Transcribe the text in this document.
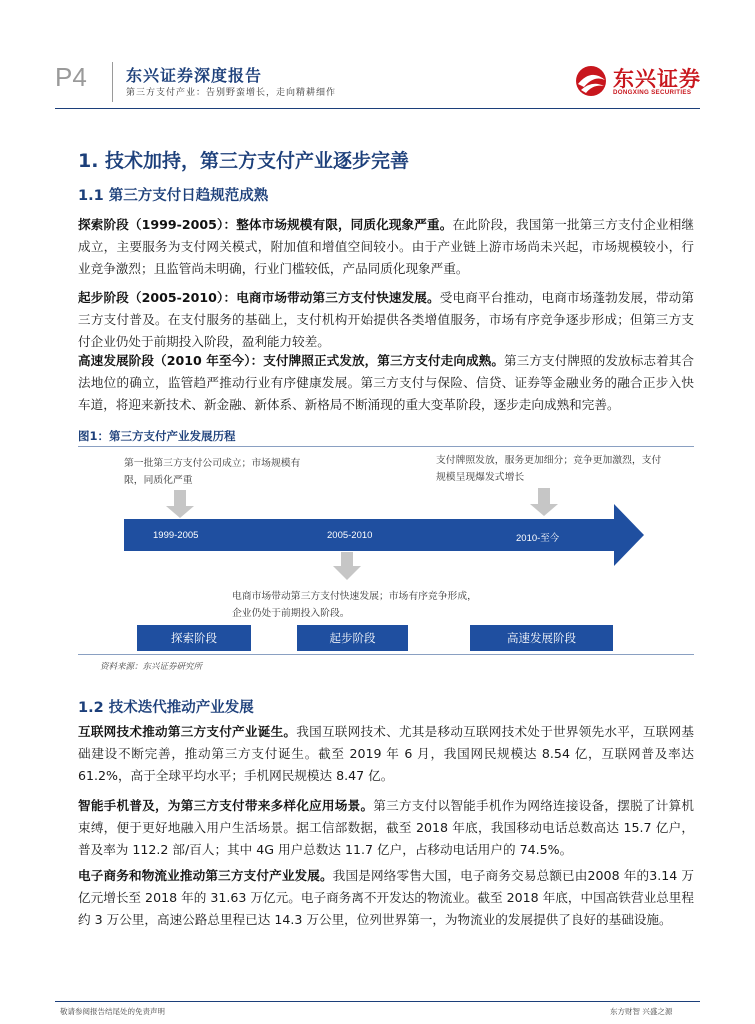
P4 东兴证券深度报告
第三方支付产业：告别野蛮增长，走向精耕细作
东兴证券
DONGXING SECURITIES
1. 技术加持，第三方支付产业逐步完善
1.1 第三方支付日趋规范成熟
探索阶段（1999-2005）：整体市场规模有限，同质化现象严重。在此阶段，我国第一批第三方支付企业相继成立，主要服务为支付网关模式，附加值和增值空间较小。由于产业链上游市场尚未兴起，市场规模较小，行业竞争激烈；且监管尚未明确，行业门槛较低，产品同质化现象严重。
起步阶段（2005-2010）：电商市场带动第三方支付快速发展。受电商平台推动，电商市场蓬勃发展，带动第三方支付普及。在支付服务的基础上，支付机构开始提供各类增值服务，市场有序竞争逐步形成；但第三方支付企业仍处于前期投入阶段，盈利能力较差。
高速发展阶段（2010 年至今）：支付牌照正式发放，第三方支付走向成熟。第三方支付牌照的发放标志着其合法地位的确立，监管趋严推动行业有序健康发展。第三方支付与保险、信贷、证券等金融业务的融合正步入快车道，将迎来新技术、新金融、新体系、新格局不断涌现的重大变革阶段，逐步走向成熟和完善。
图1：第三方支付产业发展历程
第一批第三方支付公司成立；市场规模有限，同质化严重
支付牌照发放，服务更加细分；竞争更加激烈，支付规模呈现爆发式增长
1999-2005	2005-2010	2010-至今
电商市场带动第三方支付快速发展；市场有序竞争形成，企业仍处于前期投入阶段。
探索阶段	起步阶段	高速发展阶段
资料来源：东兴证券研究所
1.2 技术迭代推动产业发展
互联网技术推动第三方支付产业诞生。我国互联网技术、尤其是移动互联网技术处于世界领先水平，互联网基础建设不断完善，推动第三方支付诞生。截至 2019 年 6 月，我国网民规模达 8.54 亿，互联网普及率达 61.2%，高于全球平均水平；手机网民规模达 8.47 亿。
智能手机普及，为第三方支付带来多样化应用场景。第三方支付以智能手机作为网络连接设备，摆脱了计算机束缚，便于更好地融入用户生活场景。据工信部数据，截至 2018 年底，我国移动电话总数高达 15.7 亿户，普及率为 112.2 部/百人；其中 4G 用户总数达 11.7 亿户，占移动电话用户的 74.5%。
电子商务和物流业推动第三方支付产业发展。我国是网络零售大国，电子商务交易总额已由2008 年的3.14 万亿元增长至 2018 年的 31.63 万亿元。电子商务离不开发达的物流业。截至 2018 年底，中国高铁营业总里程约 3 万公里，高速公路总里程已达 14.3 万公里，位列世界第一，为物流业的发展提供了良好的基础设施。
敬请参阅报告结尾处的免责声明	东方财智 兴盛之源
